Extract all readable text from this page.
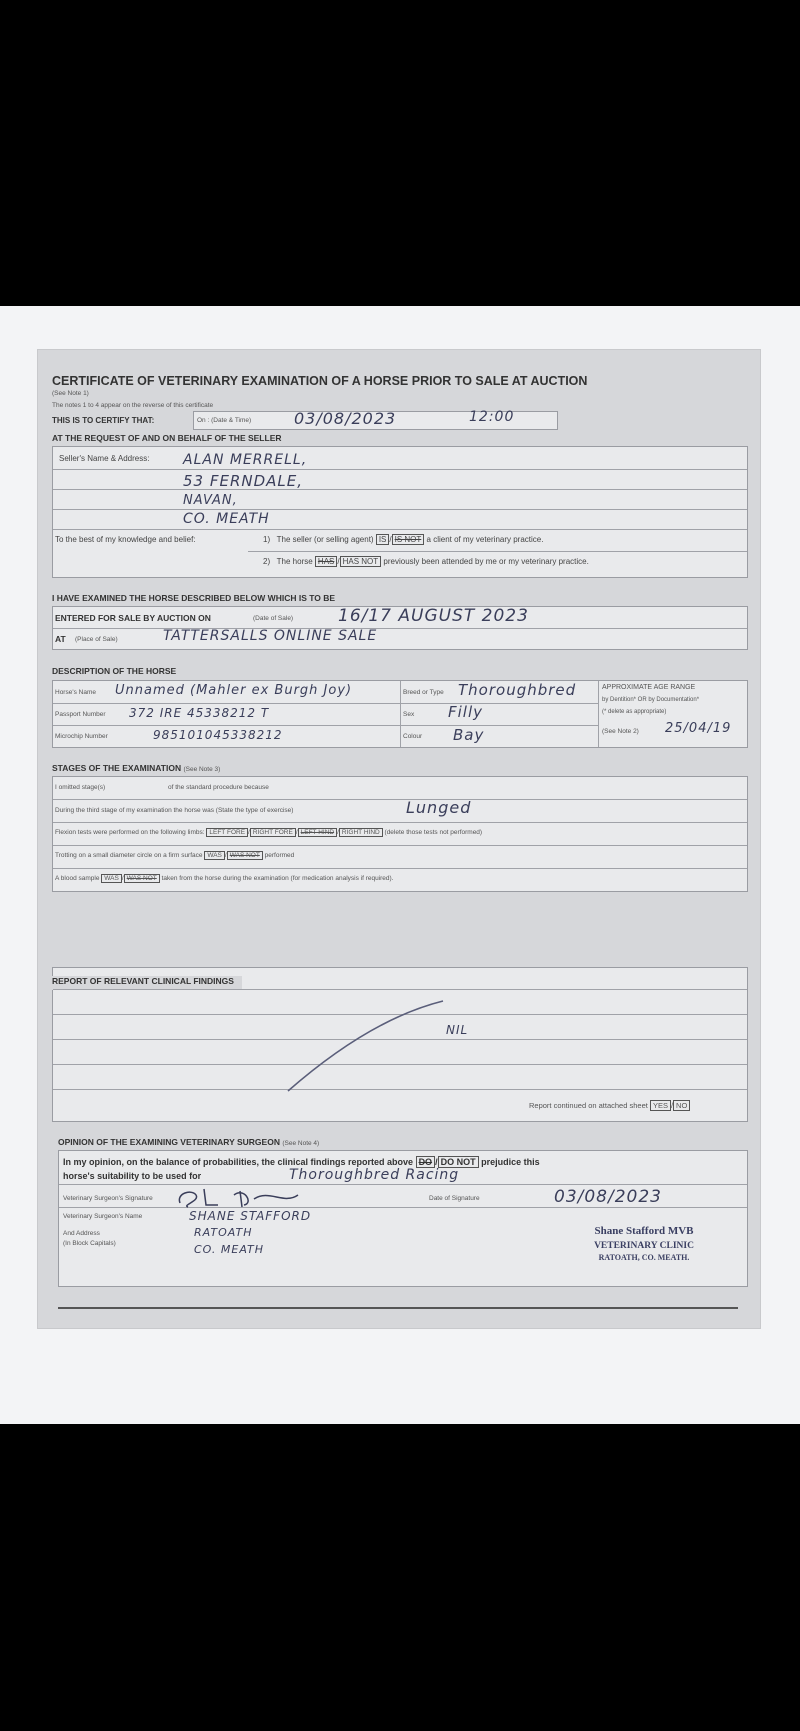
CERTIFICATE OF VETERINARY EXAMINATION OF A HORSE PRIOR TO SALE AT AUCTION
(See Note 1)
The notes 1 to 4 appear on the reverse of this certificate
THIS IS TO CERTIFY THAT:	On : (Date & Time)	03/08/2023	12:00
AT THE REQUEST OF AND ON BEHALF OF THE SELLER
Seller's Name & Address: ALAN MERRELL,
53 FERNDALE,
NAVAN,
CO. MEATH
To the best of my knowledge and belief:	1) The seller (or selling agent) IS / IS NOT a client of my veterinary practice.
2) The horse HAS / HAS NOT previously been attended by me or my veterinary practice.
I HAVE EXAMINED THE HORSE DESCRIBED BELOW WHICH IS TO BE
ENTERED FOR SALE BY AUCTION ON	(Date of Sale)	16/17 AUGUST 2023
AT (Place of Sale)	TATTERSALLS ONLINE SALE
DESCRIPTION OF THE HORSE
Horse's Name Unnamed (Mahler ex Burgh Joy)	Breed or Type Thoroughbred
Passport Number 372 IRE 45338212 T	Sex Filly
Microchip Number	985101045338212	Colour Bay
APPROXIMATE AGE RANGE
by Dentition* OR by Documentation*
(* delete as appropriate)
(See Note 2) 25/04/19
STAGES OF THE EXAMINATION (See Note 3)
I omitted stage(s)	of the standard procedure because
During the third stage of my examination the horse was (State the type of exercise)	Lunged
Flexion tests were performed on the following limbs: LEFT FORE / RIGHT FORE / LEFT HIND / RIGHT HIND (delete those tests not performed)
Trotting on a small diameter circle on a firm surface WAS / WAS NOT performed
A blood sample WAS / WAS NOT taken from the horse during the examination (for medication analysis if required).
REPORT OF RELEVANT CLINICAL FINDINGS
NIL
Report continued on attached sheet YES / NO
OPINION OF THE EXAMINING VETERINARY SURGEON (See Note 4)
In my opinion, on the balance of probabilities, the clinical findings reported above DO / DO NOT prejudice this
horse's suitability to be used for	Thoroughbred Racing
Veterinary Surgeon's Signature	Date of Signature	03/08/2023
Veterinary Surgeon's Name	SHANE STAFFORD
And Address
(In Block Capitals)
RATOATH
CO. MEATH
Shane Stafford MVB
VETERINARY CLINIC
RATOATH, CO. MEATH.
